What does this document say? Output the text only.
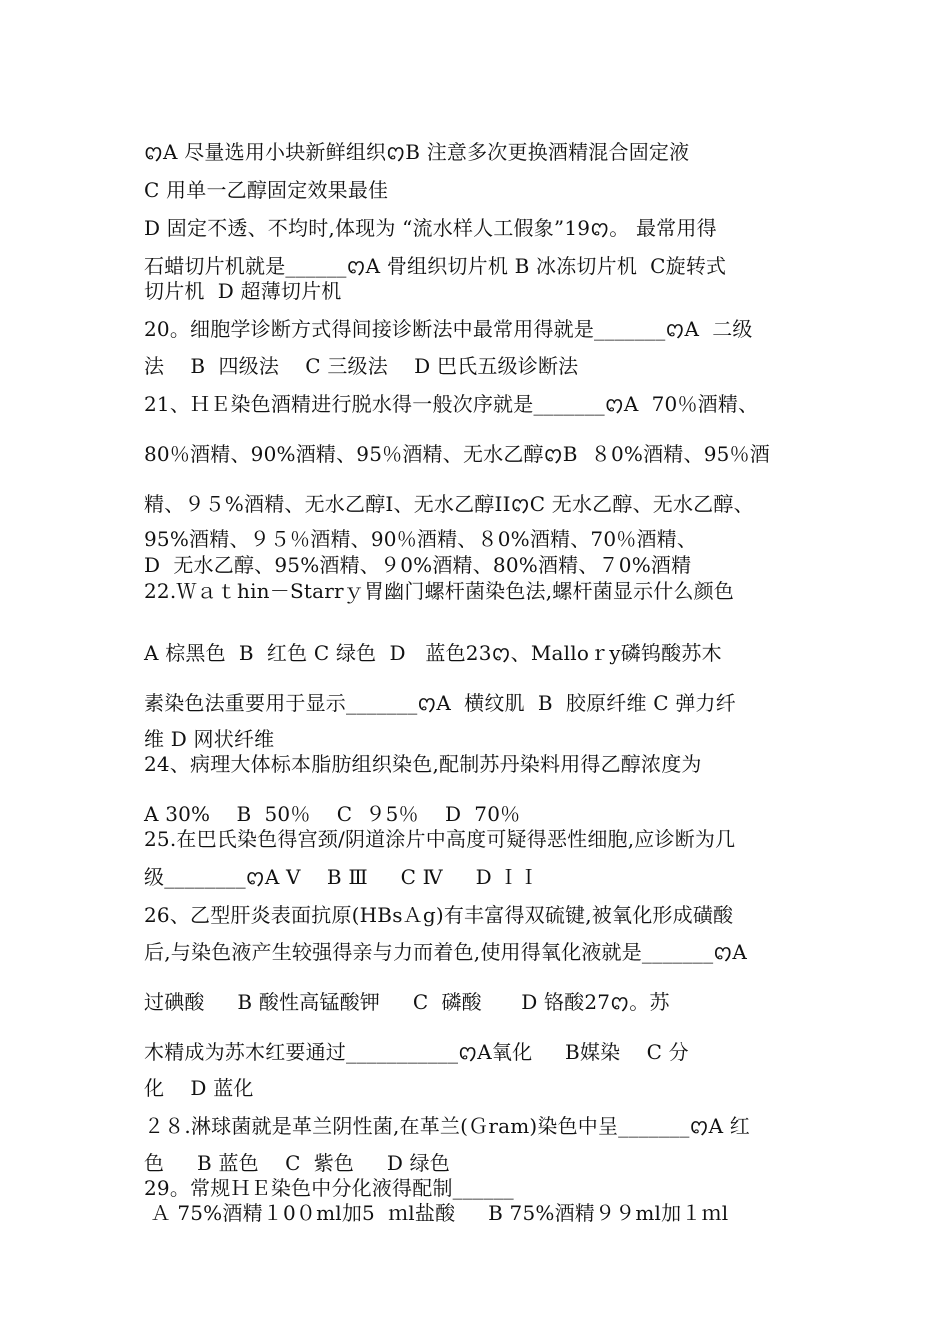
ꩁA 尽量选用小块新鲜组织ꩁB 注意多次更换酒精混合固定液
C 用单一乙醇固定效果最佳
D 固定不透、不均时,体现为 “流水样人工假象”19ꩁ。 最常用得
石蜡切片机就是______ꩁA 骨组织切片机 B 冰冻切片机  C旋转式
切片机  D 超薄切片机
20。细胞学诊断方式得间接诊断法中最常用得就是_______ꩁA  二级
法    B  四级法    C 三级法    D 巴氏五级诊断法
21、ＨＥ染色酒精进行脱水得一般次序就是_______ꩁA  70％酒精、
80％酒精、90%酒精、95％酒精、无水乙醇ꩁB  ８0%酒精、95％酒
精、９５%酒精、无水乙醇Ⅰ、无水乙醇IIꩁC 无水乙醇、无水乙醇、
95%酒精、９５％酒精、90％酒精、８0%酒精、70％酒精、
D  无水乙醇、95%酒精、９0%酒精、80%酒精、７0%酒精
22.Ｗａｔhin－Starrｙ胃幽门螺杆菌染色法,螺杆菌显示什么颜色
A 棕黑色  B  红色 C 绿色  D   蓝色23ꩁ、Malloｒy磷钨酸苏木
素染色法重要用于显示_______ꩁA  横纹肌  B  胶原纤维 C 弹力纤
维 D 网状纤维
24、病理大体标本脂肪组织染色,配制苏丹染料用得乙醇浓度为
A 30%    B  50％    C  ９5％    D  70％
25.在巴氏染色得宫颈/阴道涂片中高度可疑得恶性细胞,应诊断为几
级________ꩁA Ⅴ    B Ⅲ     C Ⅳ     D ＩＩ
26、乙型肝炎表面抗原(HBsＡg)有丰富得双硫键,被氧化形成磺酸
后,与染色液产生较强得亲与力而着色,使用得氧化液就是_______ꩁA
过碘酸     B 酸性高锰酸钾     C  磷酸      D 铬酸27ꩁ。苏
木精成为苏木红要通过___________ꩁA氧化     B媒染    C 分
化    D 蓝化
２８.淋球菌就是革兰阴性菌,在革兰(Ｇram)染色中呈_______ꩁA 红
色     B 蓝色    C  紫色     D 绿色
29。常规ＨＥ染色中分化液得配制______
Ａ 75%酒精１0０ml加5  ｍl盐酸     B 75%酒精９９ml加１ｍl
